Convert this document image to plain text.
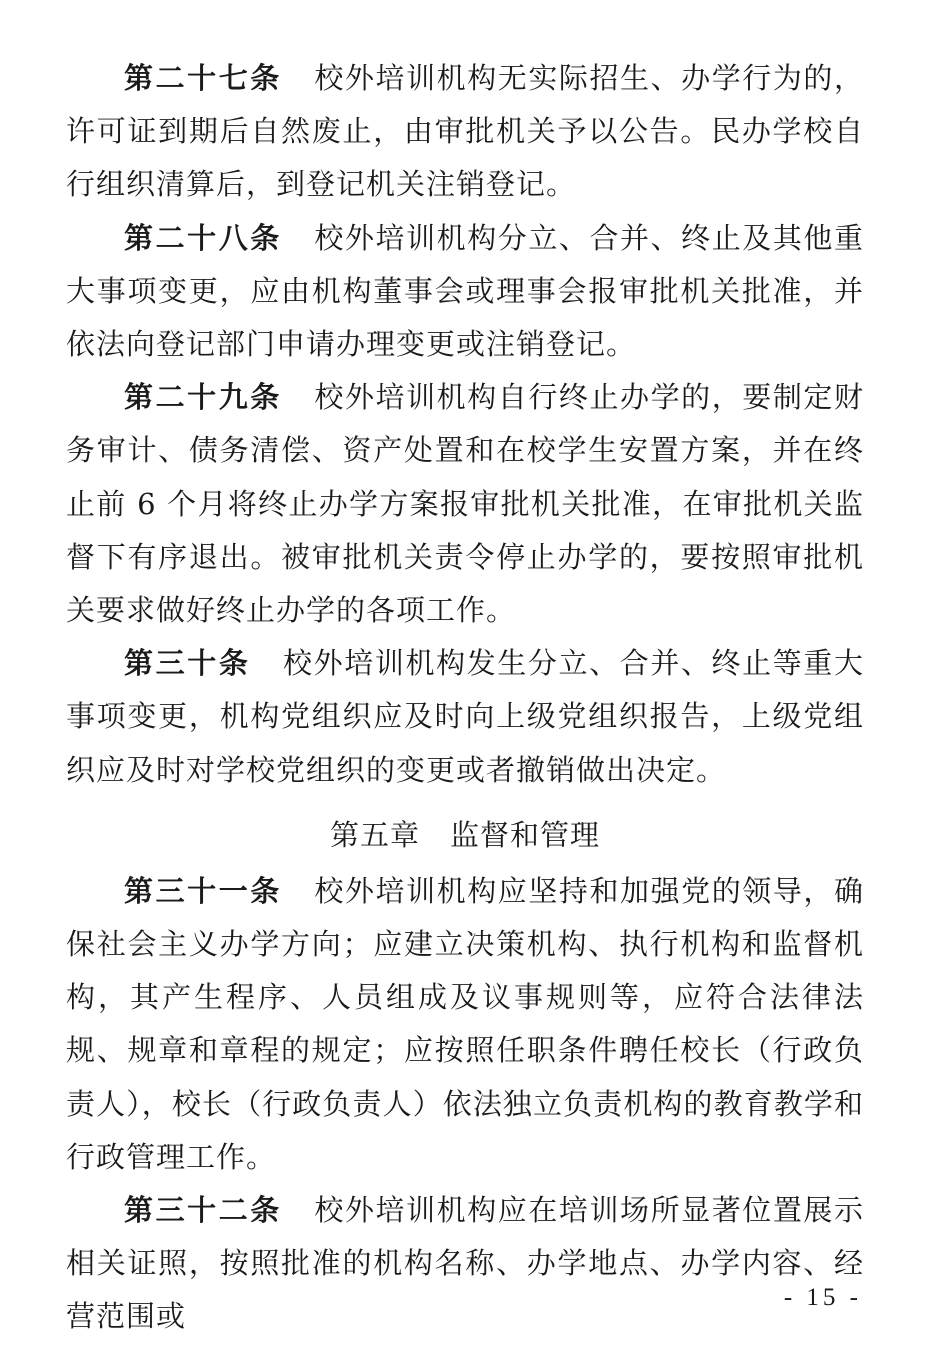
第二十七条 校外培训机构无实际招生、办学行为的，许可证到期后自然废止，由审批机关予以公告。民办学校自行组织清算后，到登记机关注销登记。

第二十八条 校外培训机构分立、合并、终止及其他重大事项变更，应由机构董事会或理事会报审批机关批准，并依法向登记部门申请办理变更或注销登记。

第二十九条 校外培训机构自行终止办学的，要制定财务审计、债务清偿、资产处置和在校学生安置方案，并在终止前 6 个月将终止办学方案报审批机关批准，在审批机关监督下有序退出。被审批机关责令停止办学的，要按照审批机关要求做好终止办学的各项工作。

第三十条 校外培训机构发生分立、合并、终止等重大事项变更，机构党组织应及时向上级党组织报告，上级党组织应及时对学校党组织的变更或者撤销做出决定。

第五章 监督和管理

第三十一条 校外培训机构应坚持和加强党的领导，确保社会主义办学方向；应建立决策机构、执行机构和监督机构，其产生程序、人员组成及议事规则等，应符合法律法规、规章和章程的规定；应按照任职条件聘任校长（行政负责人），校长（行政负责人）依法独立负责机构的教育教学和行政管理工作。

第三十二条 校外培训机构应在培训场所显著位置展示相关证照，按照批准的机构名称、办学地点、办学内容、经营范围或

- 15 -
